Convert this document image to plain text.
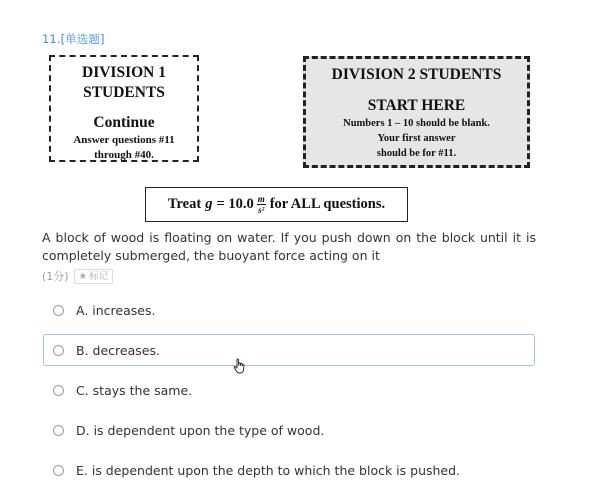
11.[单选题]
DIVISION 1
STUDENTS
Continue
Answer questions #11
through #40.
DIVISION 2 STUDENTS
START HERE
Numbers 1 – 10 should be blank.
Your first answer
should be for #11.
Treat $g = 10.0 \frac{m}{\text{s²}}$ for ALL questions.
A block of wood is floating on water. If you push down on the block until it is completely submerged, the buoyant force acting on it
(1分) ★ 标记
A. increases.
B. decreases.
C. stays the same.
D. is dependent upon the type of wood.
E. is dependent upon the depth to which the block is pushed.
